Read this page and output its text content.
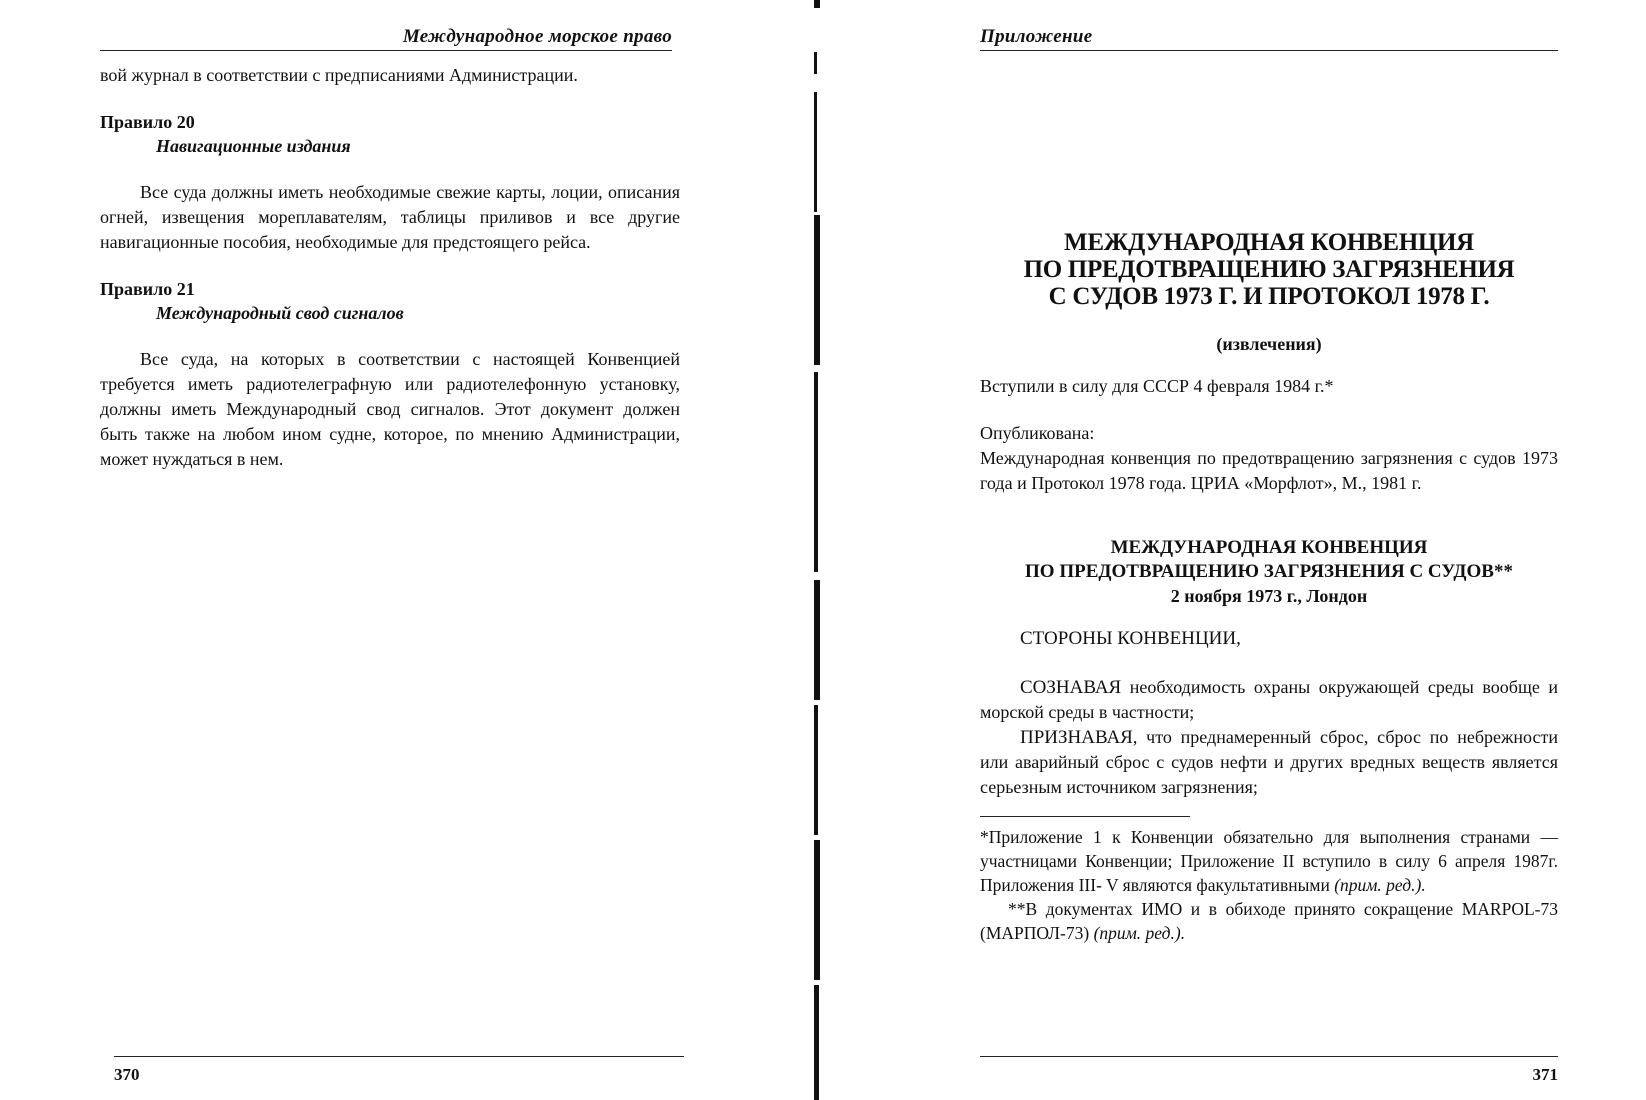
Международное морское право

вой журнал в соответствии с предписаниями Администрации.

Правило 20

Навигационные издания

Все суда должны иметь необходимые свежие карты, лоции, описания огней, извещения мореплавателям, таблицы приливов и все другие навигационные пособия, необходимые для предстоящего рейса.

Правило 21

Международный свод сигналов

Все суда, на которых в соответствии с настоящей Конвенцией требуется иметь радиотелеграфную или радиотелефонную установку, должны иметь Международный свод сигналов. Этот документ должен быть также на любом ином судне, которое, по мнению Администрации, может нуждаться в нем.

370
Приложение

МЕЖДУНАРОДНАЯ КОНВЕНЦИЯ

ПО ПРЕДОТВРАЩЕНИЮ ЗАГРЯЗНЕНИЯ

С СУДОВ 1973 Г. И ПРОТОКОЛ 1978 Г.

(извлечения)

Вступили в силу для СССР 4 февраля 1984 г.*

Опубликована:

Международная конвенция по предотвращению загрязнения с судов 1973 года и Протокол 1978 года. ЦРИА «Морфлот», М., 1981 г.

МЕЖДУНАРОДНАЯ КОНВЕНЦИЯ

ПО ПРЕДОТВРАЩЕНИЮ ЗАГРЯЗНЕНИЯ С СУДОВ**

2 ноября 1973 г., Лондон

СТОРОНЫ КОНВЕНЦИИ,

СОЗНАВАЯ необходимость охраны окружающей среды вообще и морской среды в частности;

ПРИЗНАВАЯ, что преднамеренный сброс, сброс по небрежности или аварийный сброс с судов нефти и других вредных веществ является серьезным источником загрязнения;

*Приложение 1 к Конвенции обязательно для выполнения странами — участницами Конвенции; Приложение II вступило в силу 6 апреля 1987г. Приложения III- V являются факультативными (прим. ред.).

**В документах ИМО и в обиходе принято сокращение MARPOL-73 (МАРПОЛ-73) (прим. ред.).

371
